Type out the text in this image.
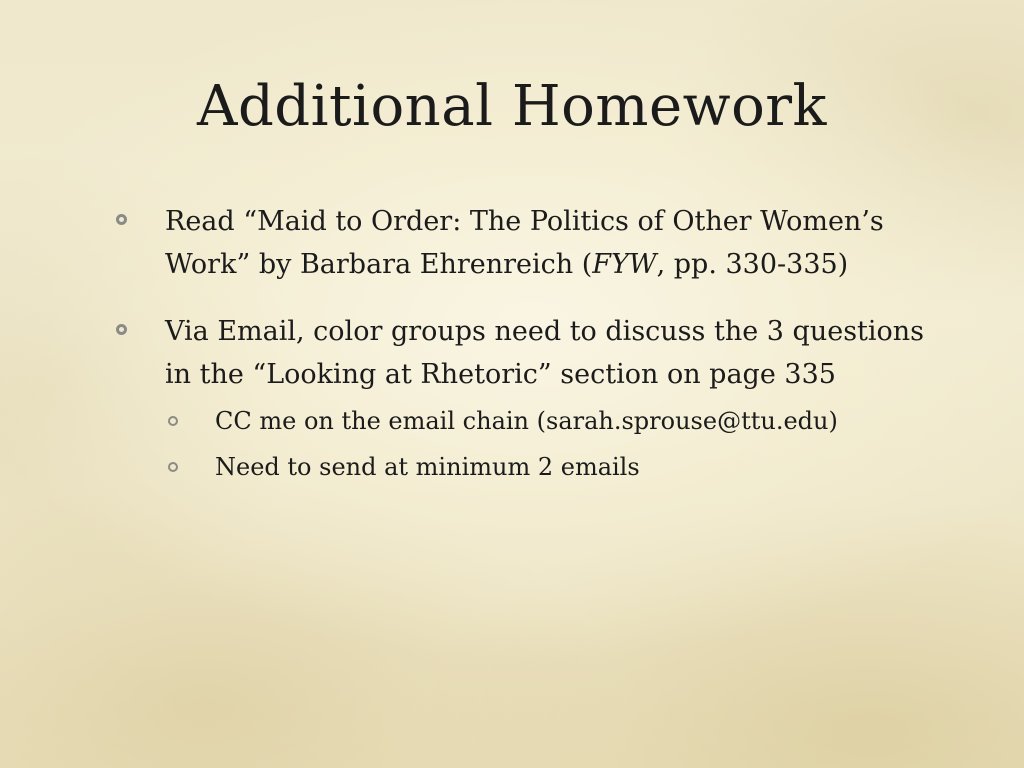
Additional Homework
Read “Maid to Order: The Politics of Other Women’s Work” by Barbara Ehrenreich (FYW, pp. 330-335)
Via Email, color groups need to discuss the 3 questions in the “Looking at Rhetoric” section on page 335
CC me on the email chain (sarah.sprouse@ttu.edu)
Need to send at minimum 2 emails
